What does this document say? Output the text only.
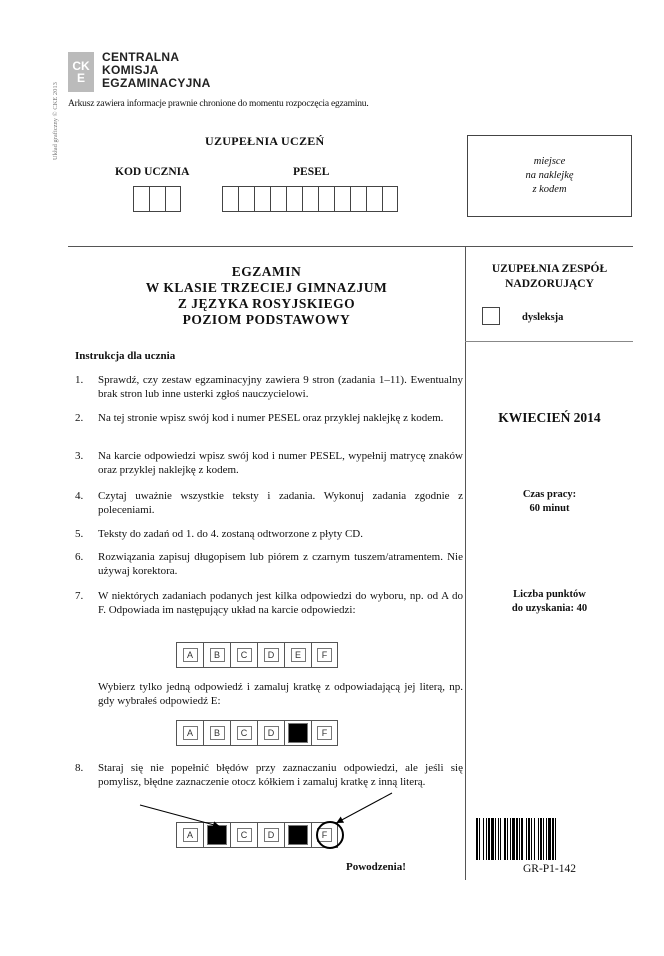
CK
E
CENTRALNA
KOMISJA
EGZAMINACYJNA
Arkusz zawiera informacje prawnie chronione do momentu rozpoczęcia egzaminu.
Układ graficzny © CKE 2013	UZUPEŁNIA UCZEŃ
KOD UCZNIA	PESEL
miejsce
na naklejkę
z kodem
EGZAMIN
W KLASIE TRZECIEJ GIMNAZJUM
Z JĘZYKA ROSYJSKIEGO
POZIOM PODSTAWOWY
UZUPEŁNIA ZESPÓŁ
NADZORUJĄCY
dysleksja
KWIECIEŃ 2014
Czas pracy:
60 minut
Liczba punktów
do uzyskania: 40
GR-P1-142
Instrukcja dla ucznia
1. Sprawdź, czy zestaw egzaminacyjny zawiera 9 stron (zadania 1–11). Ewentualny brak stron lub inne usterki zgłoś nauczycielowi.
2. Na tej stronie wpisz swój kod i numer PESEL oraz przyklej naklejkę z kodem.
3. Na karcie odpowiedzi wpisz swój kod i numer PESEL, wypełnij matrycę znaków oraz przyklej naklejkę z kodem.
4. Czytaj uważnie wszystkie teksty i zadania. Wykonuj zadania zgodnie z poleceniami.
5. Teksty do zadań od 1. do 4. zostaną odtworzone z płyty CD.
6. Rozwiązania zapisuj długopisem lub piórem z czarnym tuszem/atramentem. Nie używaj korektora.
7. W niektórych zadaniach podanych jest kilka odpowiedzi do wyboru, np. od A do F. Odpowiada im następujący układ na karcie odpowiedzi:
A	B	C	D	E	F
Wybierz tylko jedną odpowiedź i zamaluj kratkę z odpowiadającą jej literą, np. gdy wybrałeś odpowiedź E:
A	B	C	D	F
8. Staraj się nie popełnić błędów przy zaznaczaniu odpowiedzi, ale jeśli się pomylisz, błędne zaznaczenie otocz kółkiem i zamaluj kratkę z inną literą.
A	C	D	F
Powodzenia!
